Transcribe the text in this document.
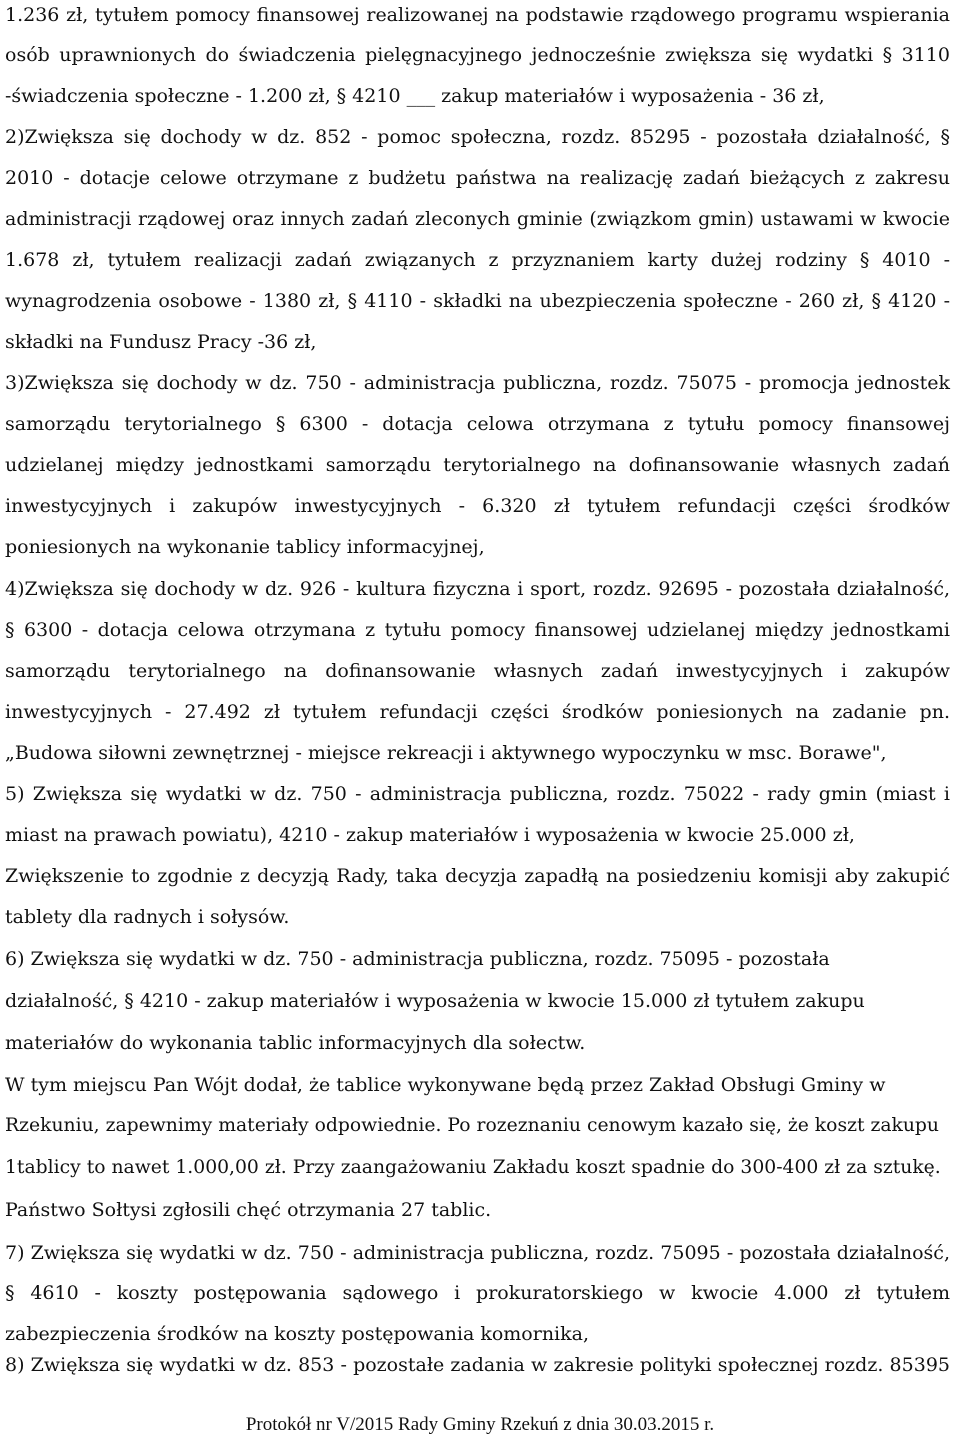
1.236 zł, tytułem pomocy finansowej realizowanej na podstawie rządowego programu wspierania
osób uprawnionych do świadczenia pielęgnacyjnego jednocześnie zwiększa się wydatki § 3110
-świadczenia społeczne - 1.200 zł, § 4210 ___ zakup materiałów i wyposażenia - 36 zł,
2)Zwiększa się dochody w dz. 852 - pomoc społeczna, rozdz. 85295 - pozostała działalność, §
2010 - dotacje celowe otrzymane z budżetu państwa na realizację zadań bieżących z zakresu
administracji rządowej oraz innych zadań zleconych gminie (związkom gmin) ustawami w kwocie
1.678 zł, tytułem realizacji zadań związanych z przyznaniem karty dużej rodziny § 4010 -
wynagrodzenia osobowe - 1380 zł, § 4110 - składki na ubezpieczenia społeczne - 260 zł, § 4120 -
składki na Fundusz Pracy -36 zł,
3)Zwiększa się dochody w dz. 750 - administracja publiczna, rozdz. 75075 - promocja jednostek
samorządu terytorialnego § 6300 - dotacja celowa otrzymana z tytułu pomocy finansowej
udzielanej między jednostkami samorządu terytorialnego na dofinansowanie własnych zadań
inwestycyjnych i zakupów inwestycyjnych - 6.320 zł tytułem refundacji części środków
poniesionych na wykonanie tablicy informacyjnej,
4)Zwiększa się dochody w dz. 926 - kultura fizyczna i sport, rozdz. 92695 - pozostała działalność,
§ 6300 - dotacja celowa otrzymana z tytułu pomocy finansowej udzielanej między jednostkami
samorządu terytorialnego na dofinansowanie własnych zadań inwestycyjnych i zakupów
inwestycyjnych - 27.492 zł tytułem refundacji części środków poniesionych na zadanie pn.
„Budowa siłowni zewnętrznej - miejsce rekreacji i aktywnego wypoczynku w msc. Borawe",
5) Zwiększa się wydatki w dz. 750 - administracja publiczna, rozdz. 75022 - rady gmin (miast i
miast na prawach powiatu), 4210 - zakup materiałów i wyposażenia w kwocie 25.000 zł,
Zwiększenie to zgodnie z decyzją Rady, taka decyzja zapadłą na posiedzeniu komisji aby zakupić
tablety dla radnych i sołysów.
6) Zwiększa się wydatki w dz. 750 - administracja publiczna, rozdz. 75095 - pozostała
działalność, § 4210 - zakup materiałów i wyposażenia w kwocie 15.000 zł tytułem zakupu
materiałów do wykonania tablic informacyjnych dla sołectw.
W tym miejscu Pan Wójt dodał, że tablice wykonywane będą przez Zakład Obsługi Gminy w
Rzekuniu, zapewnimy materiały odpowiednie. Po rozeznaniu cenowym kazało się, że koszt zakupu
1tablicy to nawet 1.000,00 zł. Przy zaangażowaniu Zakładu koszt spadnie do 300-400 zł za sztukę.
Państwo Sołtysi zgłosili chęć otrzymania 27 tablic.
7) Zwiększa się wydatki w dz. 750 - administracja publiczna, rozdz. 75095 - pozostała działalność,
§ 4610 - koszty postępowania sądowego i prokuratorskiego w kwocie 4.000 zł tytułem
zabezpieczenia środków na koszty postępowania komornika,
8) Zwiększa się wydatki w dz. 853 - pozostałe zadania w zakresie polityki społecznej rozdz. 85395
Protokół nr V/2015 Rady Gminy Rzekuń z dnia 30.03.2015 r.
